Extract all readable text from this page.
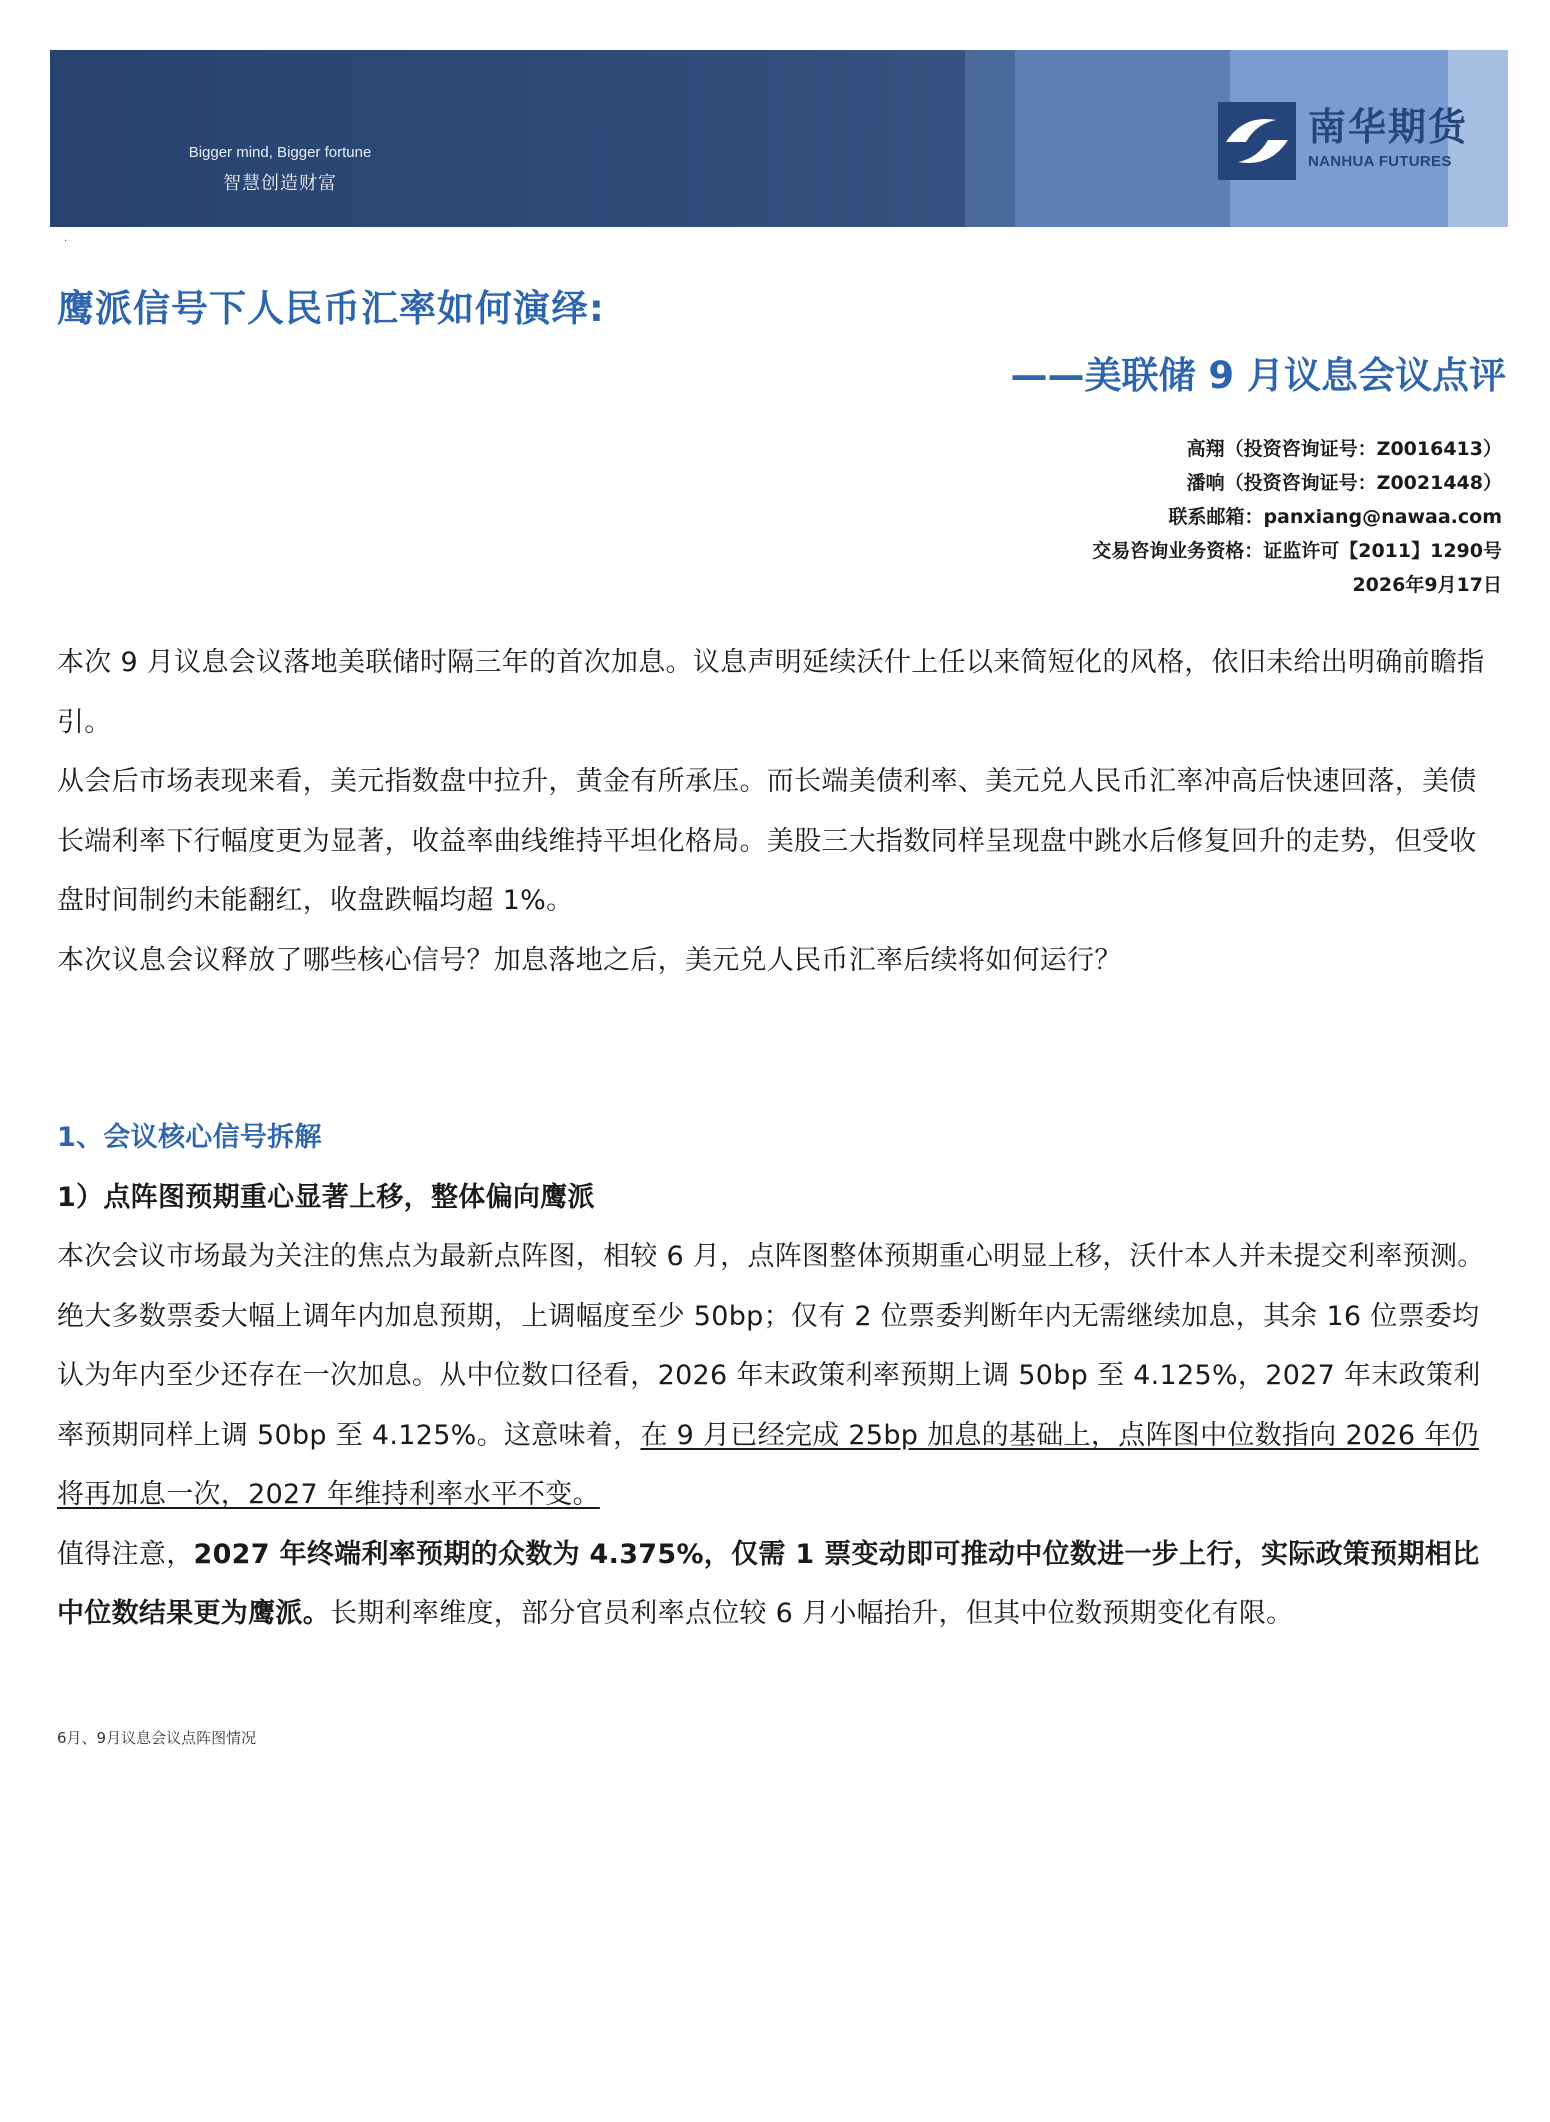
Bigger mind, Bigger fortune
智慧创造财富
南华期货
NANHUA FUTURES
·
鹰派信号下人民币汇率如何演绎:
——美联储 9 月议息会议点评
高翔（投资咨询证号：Z0016413）
潘响（投资咨询证号：Z0021448）
联系邮箱：panxiang@nawaa.com
交易咨询业务资格：证监许可【2011】1290号
2026年9月17日

本次 9 月议息会议落地美联储时隔三年的首次加息。议息声明延续沃什上任以来简短化的风格，依旧未给出明确前瞻指引。

从会后市场表现来看，美元指数盘中拉升，黄金有所承压。而长端美债利率、美元兑人民币汇率冲高后快速回落，美债长端利率下行幅度更为显著，收益率曲线维持平坦化格局。美股三大指数同样呈现盘中跳水后修复回升的走势，但受收盘时间制约未能翻红，收盘跌幅均超 1%。

本次议息会议释放了哪些核心信号？加息落地之后，美元兑人民币汇率后续将如何运行？

1、会议核心信号拆解

1）点阵图预期重心显著上移，整体偏向鹰派

本次会议市场最为关注的焦点为最新点阵图，相较 6 月，点阵图整体预期重心明显上移，沃什本人并未提交利率预测。

绝大多数票委大幅上调年内加息预期，上调幅度至少 50bp；仅有 2 位票委判断年内无需继续加息，其余 16 位票委均认为年内至少还存在一次加息。从中位数口径看，2026 年末政策利率预期上调 50bp 至 4.125%，2027 年末政策利率预期同样上调 50bp 至 4.125%。这意味着，在 9 月已经完成 25bp 加息的基础上，点阵图中位数指向 2026 年仍将再加息一次，2027 年维持利率水平不变。

值得注意，2027 年终端利率预期的众数为 4.375%，仅需 1 票变动即可推动中位数进一步上行，实际政策预期相比中位数结果更为鹰派。长期利率维度，部分官员利率点位较 6 月小幅抬升，但其中位数预期变化有限。

6月、9月议息会议点阵图情况
